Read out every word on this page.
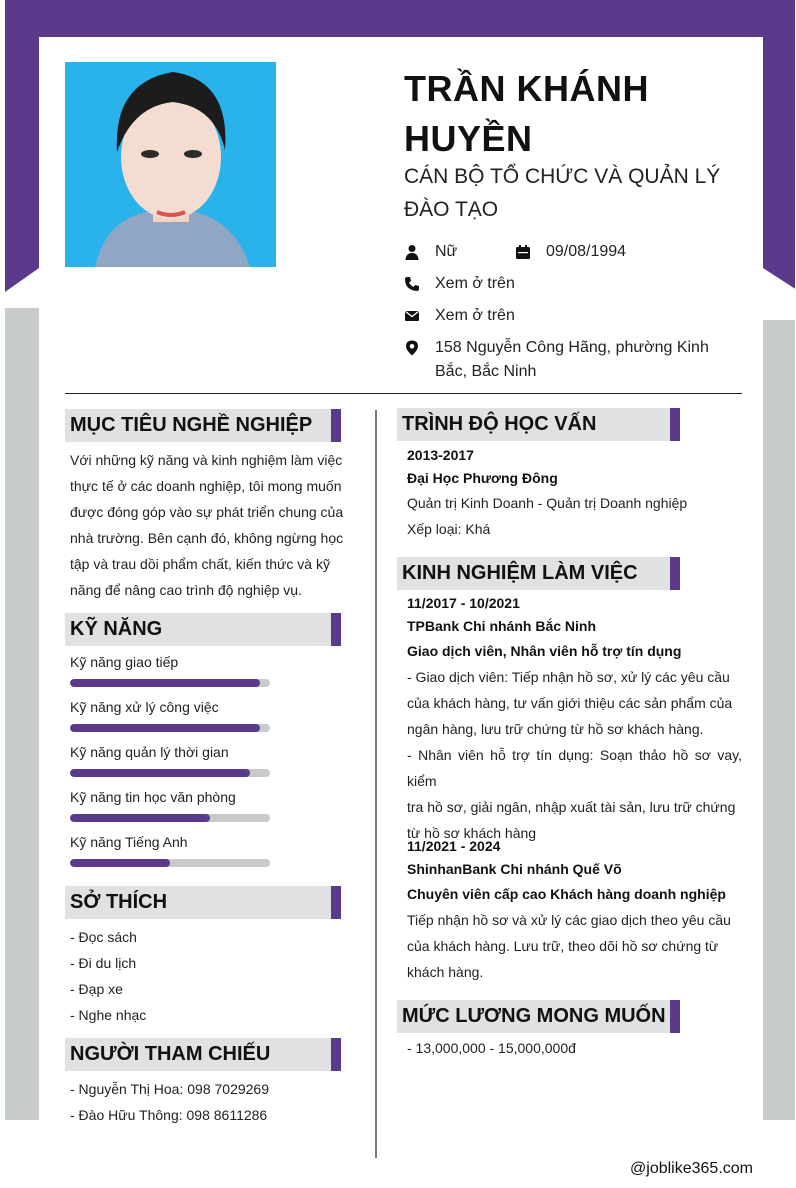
TRẦN KHÁNH
HUYỀN
CÁN BỘ TỔ CHỨC VÀ QUẢN LÝ
ĐÀO TẠO
Nữ	09/08/1994
Xem ở trên
Xem ở trên
158 Nguyễn Công Hãng, phường Kinh
Bắc, Bắc Ninh
MỤC TIÊU NGHỀ NGHIỆP
Với những kỹ năng và kinh nghiệm làm việc
thực tế ở các doanh nghiệp, tôi mong muốn
được đóng góp vào sự phát triển chung của
nhà trường. Bên cạnh đó, không ngừng học
tập và trau dồi phẩm chất, kiến thức và kỹ
năng để nâng cao trình độ nghiệp vụ.
KỸ NĂNG
Kỹ năng giao tiếp
Kỹ năng xử lý công việc
Kỹ năng quản lý thời gian
Kỹ năng tin học văn phòng
Kỹ năng Tiếng Anh
SỞ THÍCH
- Đọc sách
- Đi du lịch
- Đạp xe
- Nghe nhạc
NGƯỜI THAM CHIẾU
- Nguyễn Thị Hoa: 098 7029269
- Đào Hữu Thông: 098 8611286
TRÌNH ĐỘ HỌC VẤN
2013-2017
Đại Học Phương Đông
Quản trị Kinh Doanh - Quản trị Doanh nghiệp
Xếp loại: Khá
KINH NGHIỆM LÀM VIỆC
11/2017 - 10/2021
TPBank Chi nhánh Bắc Ninh
Giao dịch viên, Nhân viên hỗ trợ tín dụng
- Giao dịch viên: Tiếp nhận hồ sơ, xử lý các yêu cầu
của khách hàng, tư vấn giới thiệu các sản phẩm của
ngân hàng, lưu trữ chứng từ hồ sơ khách hàng.
- Nhân viên hỗ trợ tín dụng: Soạn thảo hồ sơ vay, kiểm
tra hồ sơ, giải ngân, nhập xuất tài sản, lưu trữ chứng
từ hồ sơ khách hàng
11/2021 - 2024
ShinhanBank Chi nhánh Quế Võ
Chuyên viên cấp cao Khách hàng doanh nghiệp
Tiếp nhận hồ sơ và xử lý các giao dịch theo yêu cầu
của khách hàng. Lưu trữ, theo dõi hồ sơ chứng từ
khách hàng.
MỨC LƯƠNG MONG MUỐN
- 13,000,000 - 15,000,000đ
@joblike365.com
